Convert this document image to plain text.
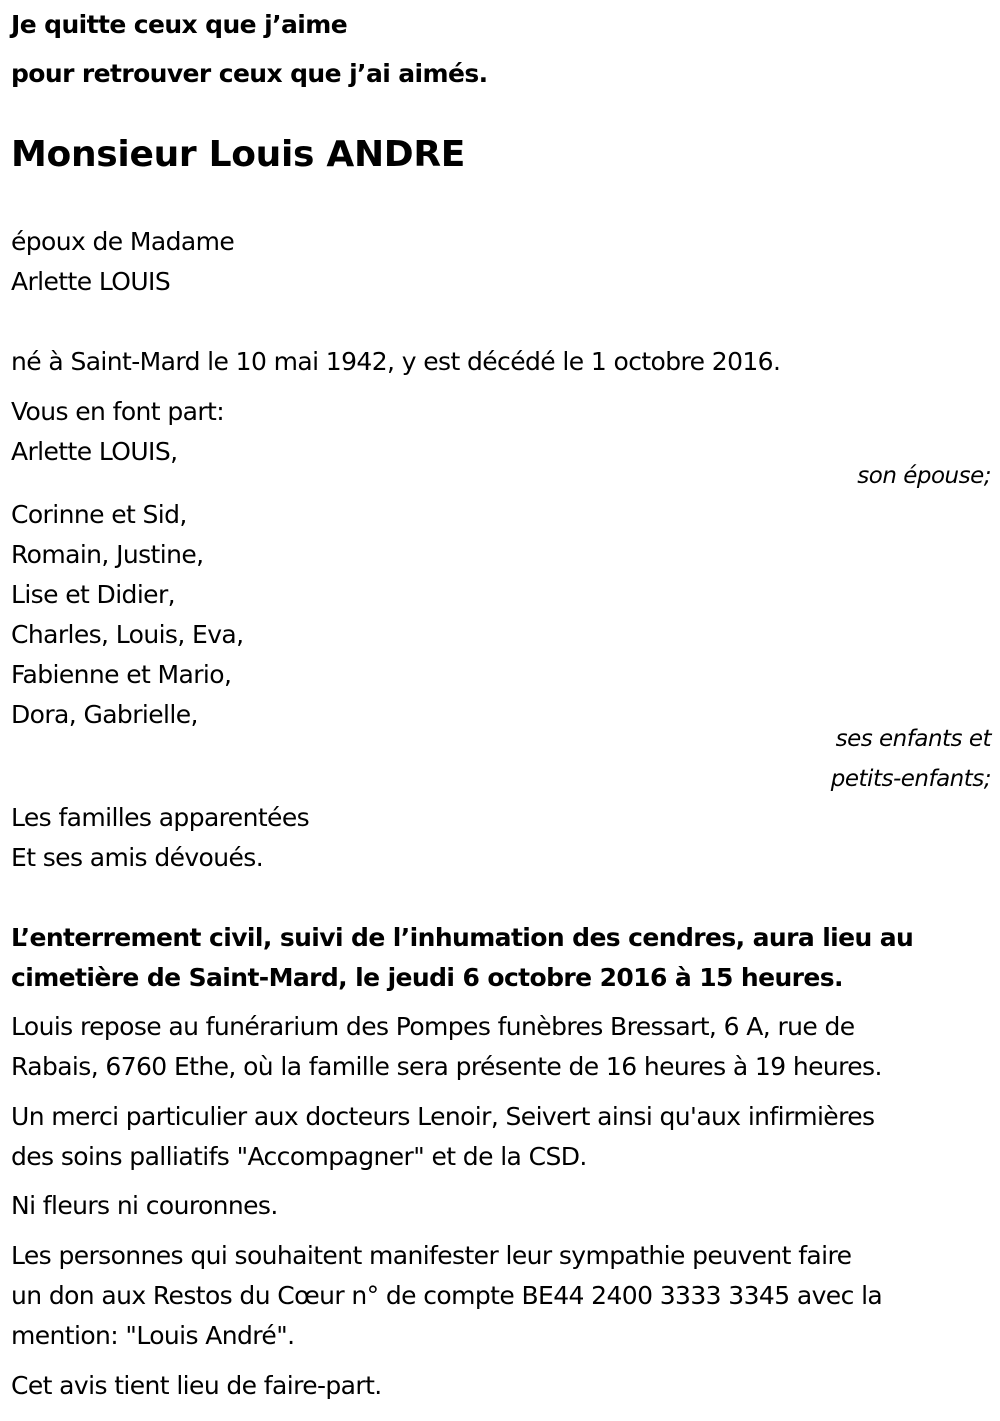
Je quitte ceux que j’aime
pour retrouver ceux que j’ai aimés.
Monsieur Louis ANDRE
époux de Madame
Arlette LOUIS
né à Saint-Mard le 10 mai 1942, y est décédé le 1 octobre 2016.
Vous en font part:
Arlette LOUIS,
son épouse;
Corinne et Sid,
Romain, Justine,
Lise et Didier,
Charles, Louis, Eva,
Fabienne et Mario,
Dora, Gabrielle,
ses enfants et
petits-enfants;
Les familles apparentées
Et ses amis dévoués.
L’enterrement civil, suivi de l’inhumation des cendres, aura lieu au
cimetière de Saint-Mard, le jeudi 6 octobre 2016 à 15 heures.
Louis repose au funérarium des Pompes funèbres Bressart, 6 A, rue de
Rabais, 6760 Ethe, où la famille sera présente de 16 heures à 19 heures.
Un merci particulier aux docteurs Lenoir, Seivert ainsi qu'aux infirmières
des soins palliatifs "Accompagner" et de la CSD.
Ni fleurs ni couronnes.
Les personnes qui souhaitent manifester leur sympathie peuvent faire
un don aux Restos du Cœur n° de compte BE44 2400 3333 3345 avec la
mention: "Louis André".
Cet avis tient lieu de faire-part.
